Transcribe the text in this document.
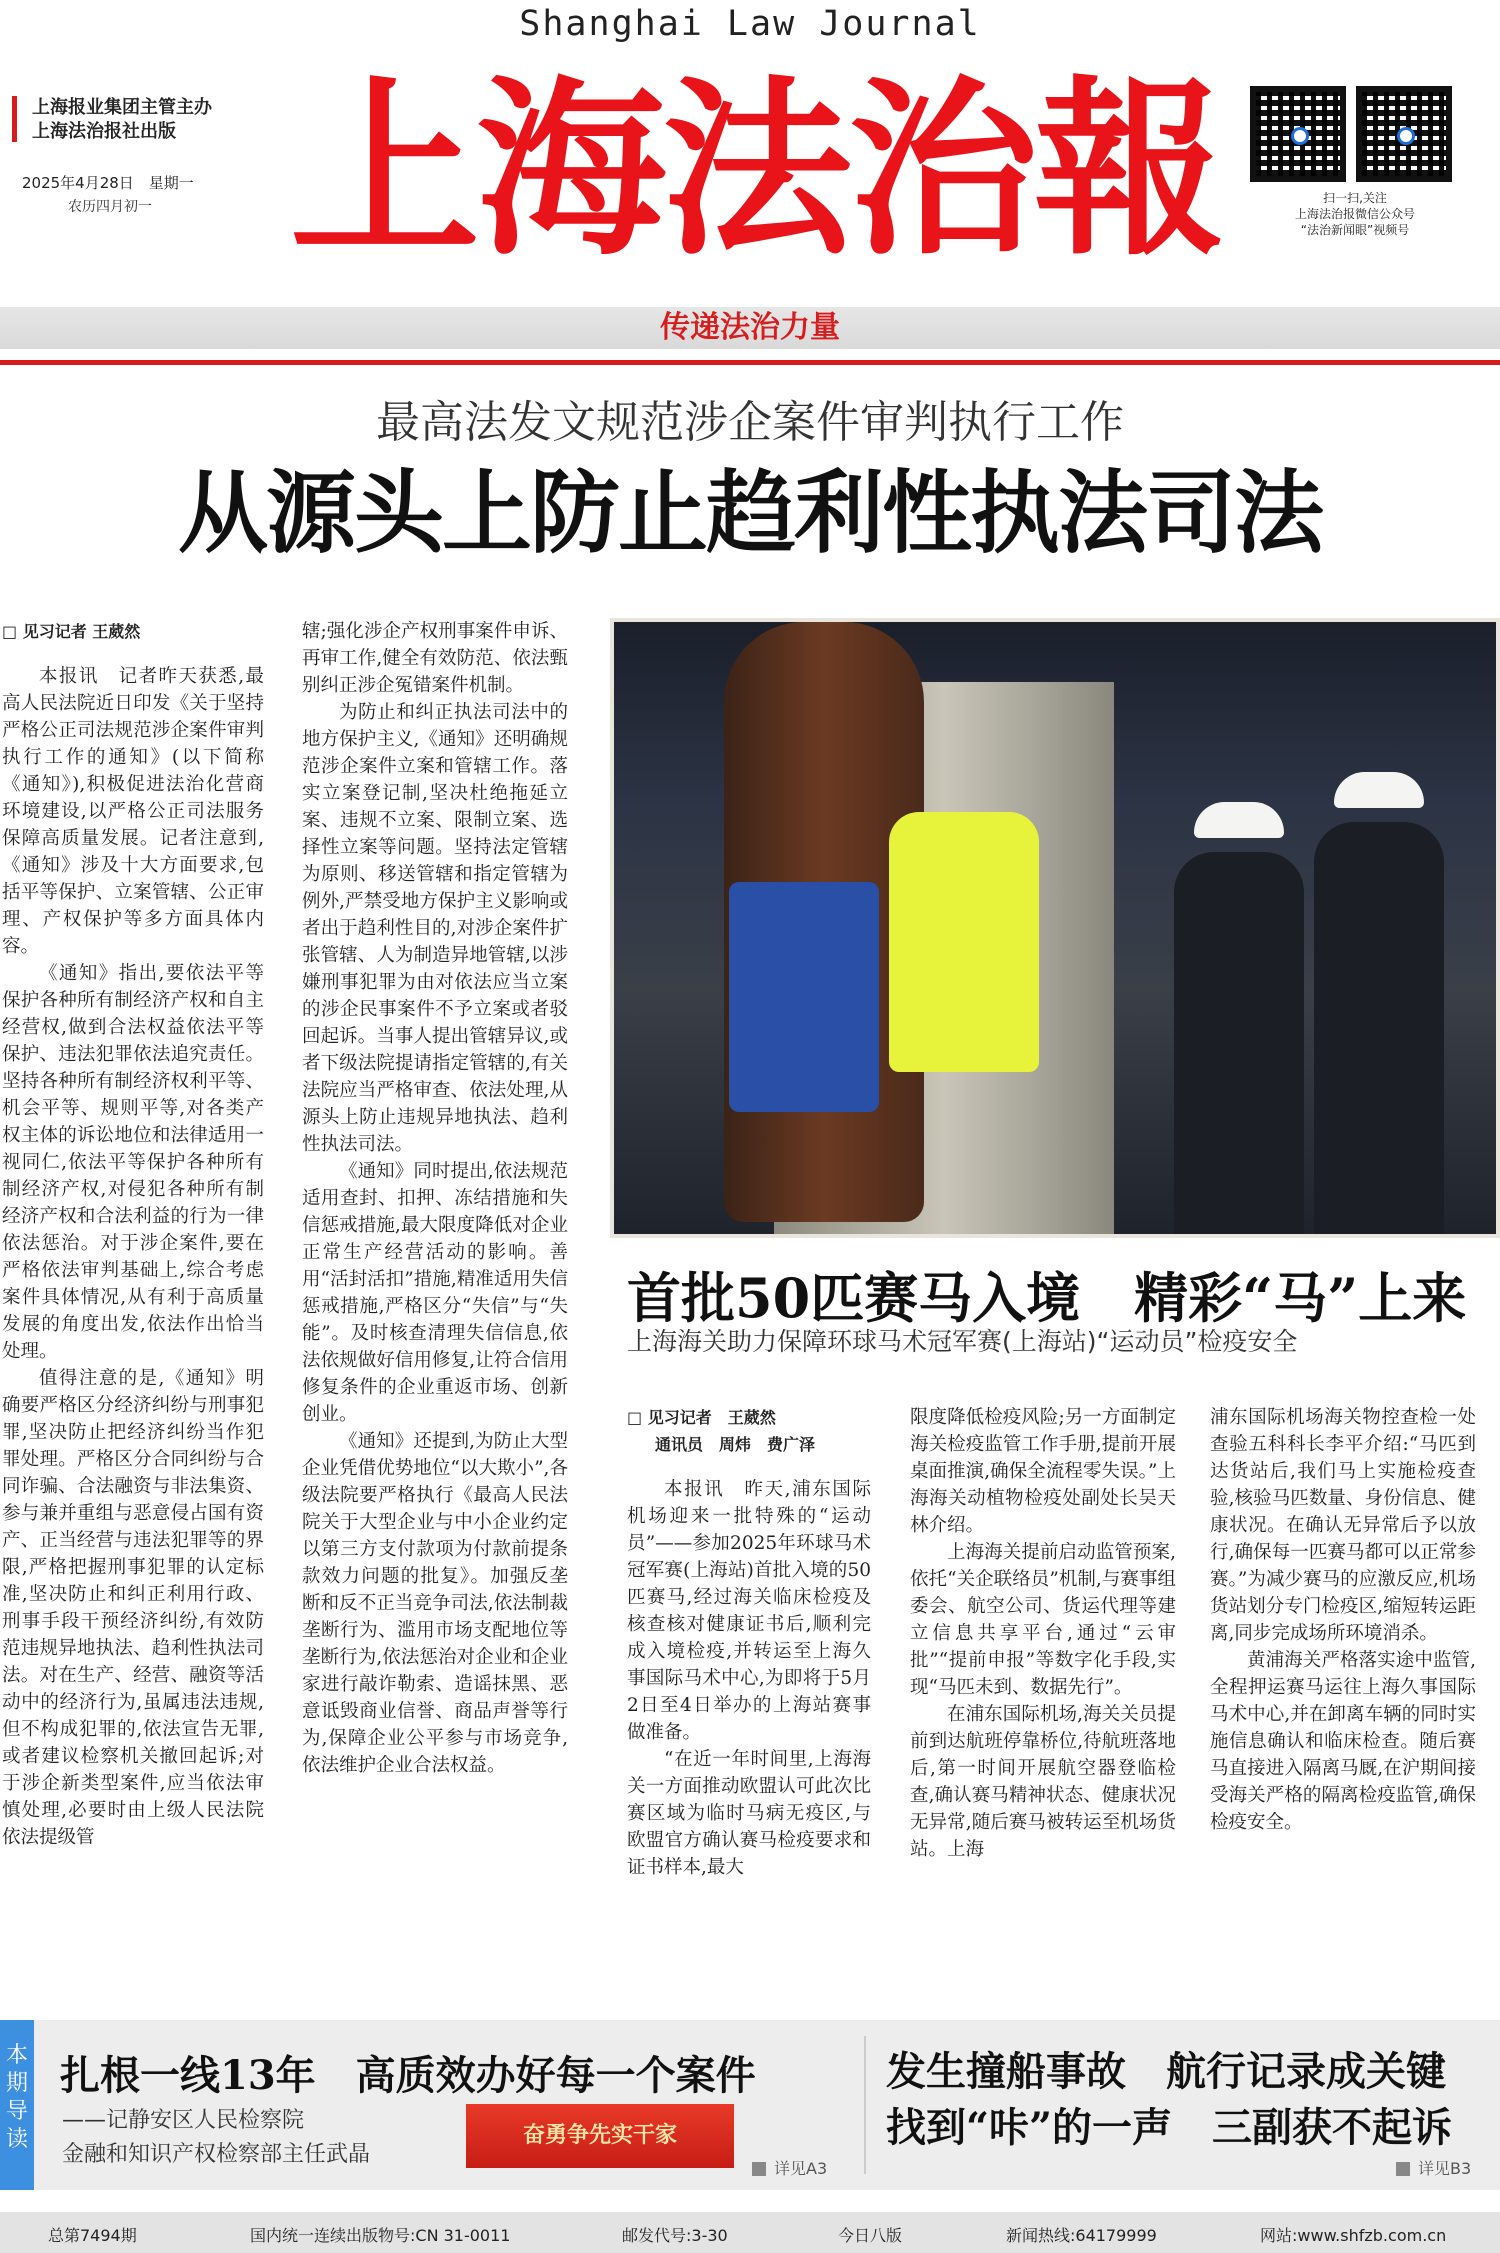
Shanghai Law Journal
上海报业集团主管主办
上海法治报社出版
2025年4月28日　星期一
农历四月初一 上海法治報	扫一扫,关注
上海法治报微信公众号
“法治新闻眼”视频号
传递法治力量
最高法发文规范涉企案件审判执行工作
从源头上防止趋利性执法司法
□ 见习记者 王葳然

本报讯　记者昨天获悉,最高人民法院近日印发《关于坚持严格公正司法规范涉企案件审判执行工作的通知》(以下简称《通知》),积极促进法治化营商环境建设,以严格公正司法服务保障高质量发展。记者注意到,《通知》涉及十大方面要求,包括平等保护、立案管辖、公正审理、产权保护等多方面具体内容。

《通知》指出,要依法平等保护各种所有制经济产权和自主经营权,做到合法权益依法平等保护、违法犯罪依法追究责任。坚持各种所有制经济权利平等、机会平等、规则平等,对各类产权主体的诉讼地位和法律适用一视同仁,依法平等保护各种所有制经济产权,对侵犯各种所有制经济产权和合法利益的行为一律依法惩治。对于涉企案件,要在严格依法审判基础上,综合考虑案件具体情况,从有利于高质量发展的角度出发,依法作出恰当处理。

值得注意的是,《通知》明确要严格区分经济纠纷与刑事犯罪,坚决防止把经济纠纷当作犯罪处理。严格区分合同纠纷与合同诈骗、合法融资与非法集资、参与兼并重组与恶意侵占国有资产、正当经营与违法犯罪等的界限,严格把握刑事犯罪的认定标准,坚决防止和纠正利用行政、刑事手段干预经济纠纷,有效防范违规异地执法、趋利性执法司法。对在生产、经营、融资等活动中的经济行为,虽属违法违规,但不构成犯罪的,依法宣告无罪,或者建议检察机关撤回起诉;对于涉企新类型案件,应当依法审慎处理,必要时由上级人民法院依法提级管

辖;强化涉企产权刑事案件申诉、再审工作,健全有效防范、依法甄别纠正涉企冤错案件机制。

为防止和纠正执法司法中的地方保护主义,《通知》还明确规范涉企案件立案和管辖工作。落实立案登记制,坚决杜绝拖延立案、违规不立案、限制立案、选择性立案等问题。坚持法定管辖为原则、移送管辖和指定管辖为例外,严禁受地方保护主义影响或者出于趋利性目的,对涉企案件扩张管辖、人为制造异地管辖,以涉嫌刑事犯罪为由对依法应当立案的涉企民事案件不予立案或者驳回起诉。当事人提出管辖异议,或者下级法院提请指定管辖的,有关法院应当严格审查、依法处理,从源头上防止违规异地执法、趋利性执法司法。

《通知》同时提出,依法规范适用查封、扣押、冻结措施和失信惩戒措施,最大限度降低对企业正常生产经营活动的影响。善用“活封活扣”措施,精准适用失信惩戒措施,严格区分“失信”与“失能”。及时核查清理失信信息,依法依规做好信用修复,让符合信用修复条件的企业重返市场、创新创业。

《通知》还提到,为防止大型企业凭借优势地位“以大欺小”,各级法院要严格执行《最高人民法院关于大型企业与中小企业约定以第三方支付款项为付款前提条款效力问题的批复》。加强反垄断和反不正当竞争司法,依法制裁垄断行为、滥用市场支配地位等垄断行为,依法惩治对企业和企业家进行敲诈勒索、造谣抹黑、恶意诋毁商业信誉、商品声誉等行为,保障企业公平参与市场竞争,依法维护企业合法权益。

首批50匹赛马入境　精彩“马”上来
上海海关助力保障环球马术冠军赛(上海站)“运动员”检疫安全
□ 见习记者　王葳然
通讯员　周炜　费广泽

本报讯　昨天,浦东国际机场迎来一批特殊的“运动员”——参加2025年环球马术冠军赛(上海站)首批入境的50匹赛马,经过海关临床检疫及核查核对健康证书后,顺利完成入境检疫,并转运至上海久事国际马术中心,为即将于5月2日至4日举办的上海站赛事做准备。

“在近一年时间里,上海海关一方面推动欧盟认可此次比赛区域为临时马病无疫区,与欧盟官方确认赛马检疫要求和证书样本,最大

限度降低检疫风险;另一方面制定海关检疫监管工作手册,提前开展桌面推演,确保全流程零失误。”上海海关动植物检疫处副处长吴天林介绍。

上海海关提前启动监管预案,依托“关企联络员”机制,与赛事组委会、航空公司、货运代理等建立信息共享平台,通过“云审批”“提前申报”等数字化手段,实现“马匹未到、数据先行”。

在浦东国际机场,海关关员提前到达航班停靠桥位,待航班落地后,第一时间开展航空器登临检查,确认赛马精神状态、健康状况无异常,随后赛马被转运至机场货站。上海

浦东国际机场海关物控查检一处查验五科科长李平介绍:“马匹到达货站后,我们马上实施检疫查验,核验马匹数量、身份信息、健康状况。在确认无异常后予以放行,确保每一匹赛马都可以正常参赛。”为减少赛马的应激反应,机场货站划分专门检疫区,缩短转运距离,同步完成场所环境消杀。

黄浦海关严格落实途中监管,全程押运赛马运往上海久事国际马术中心,并在卸离车辆的同时实施信息确认和临床检查。随后赛马直接进入隔离马厩,在沪期间接受海关严格的隔离检疫监管,确保检疫安全。

本期导读
扎根一线13年　高质效办好每一个案件
——记静安区人民检察院
金融和知识产权检察部主任武晶
奋勇争先实干家
详见A3
发生撞船事故　航行记录成关键
找到“咔”的一声　三副获不起诉
详见B3
总第7494期	国内统一连续出版物号:CN 31-0011	邮发代号:3-30	今日八版	新闻热线:64179999	网站:www.shfzb.com.cn
